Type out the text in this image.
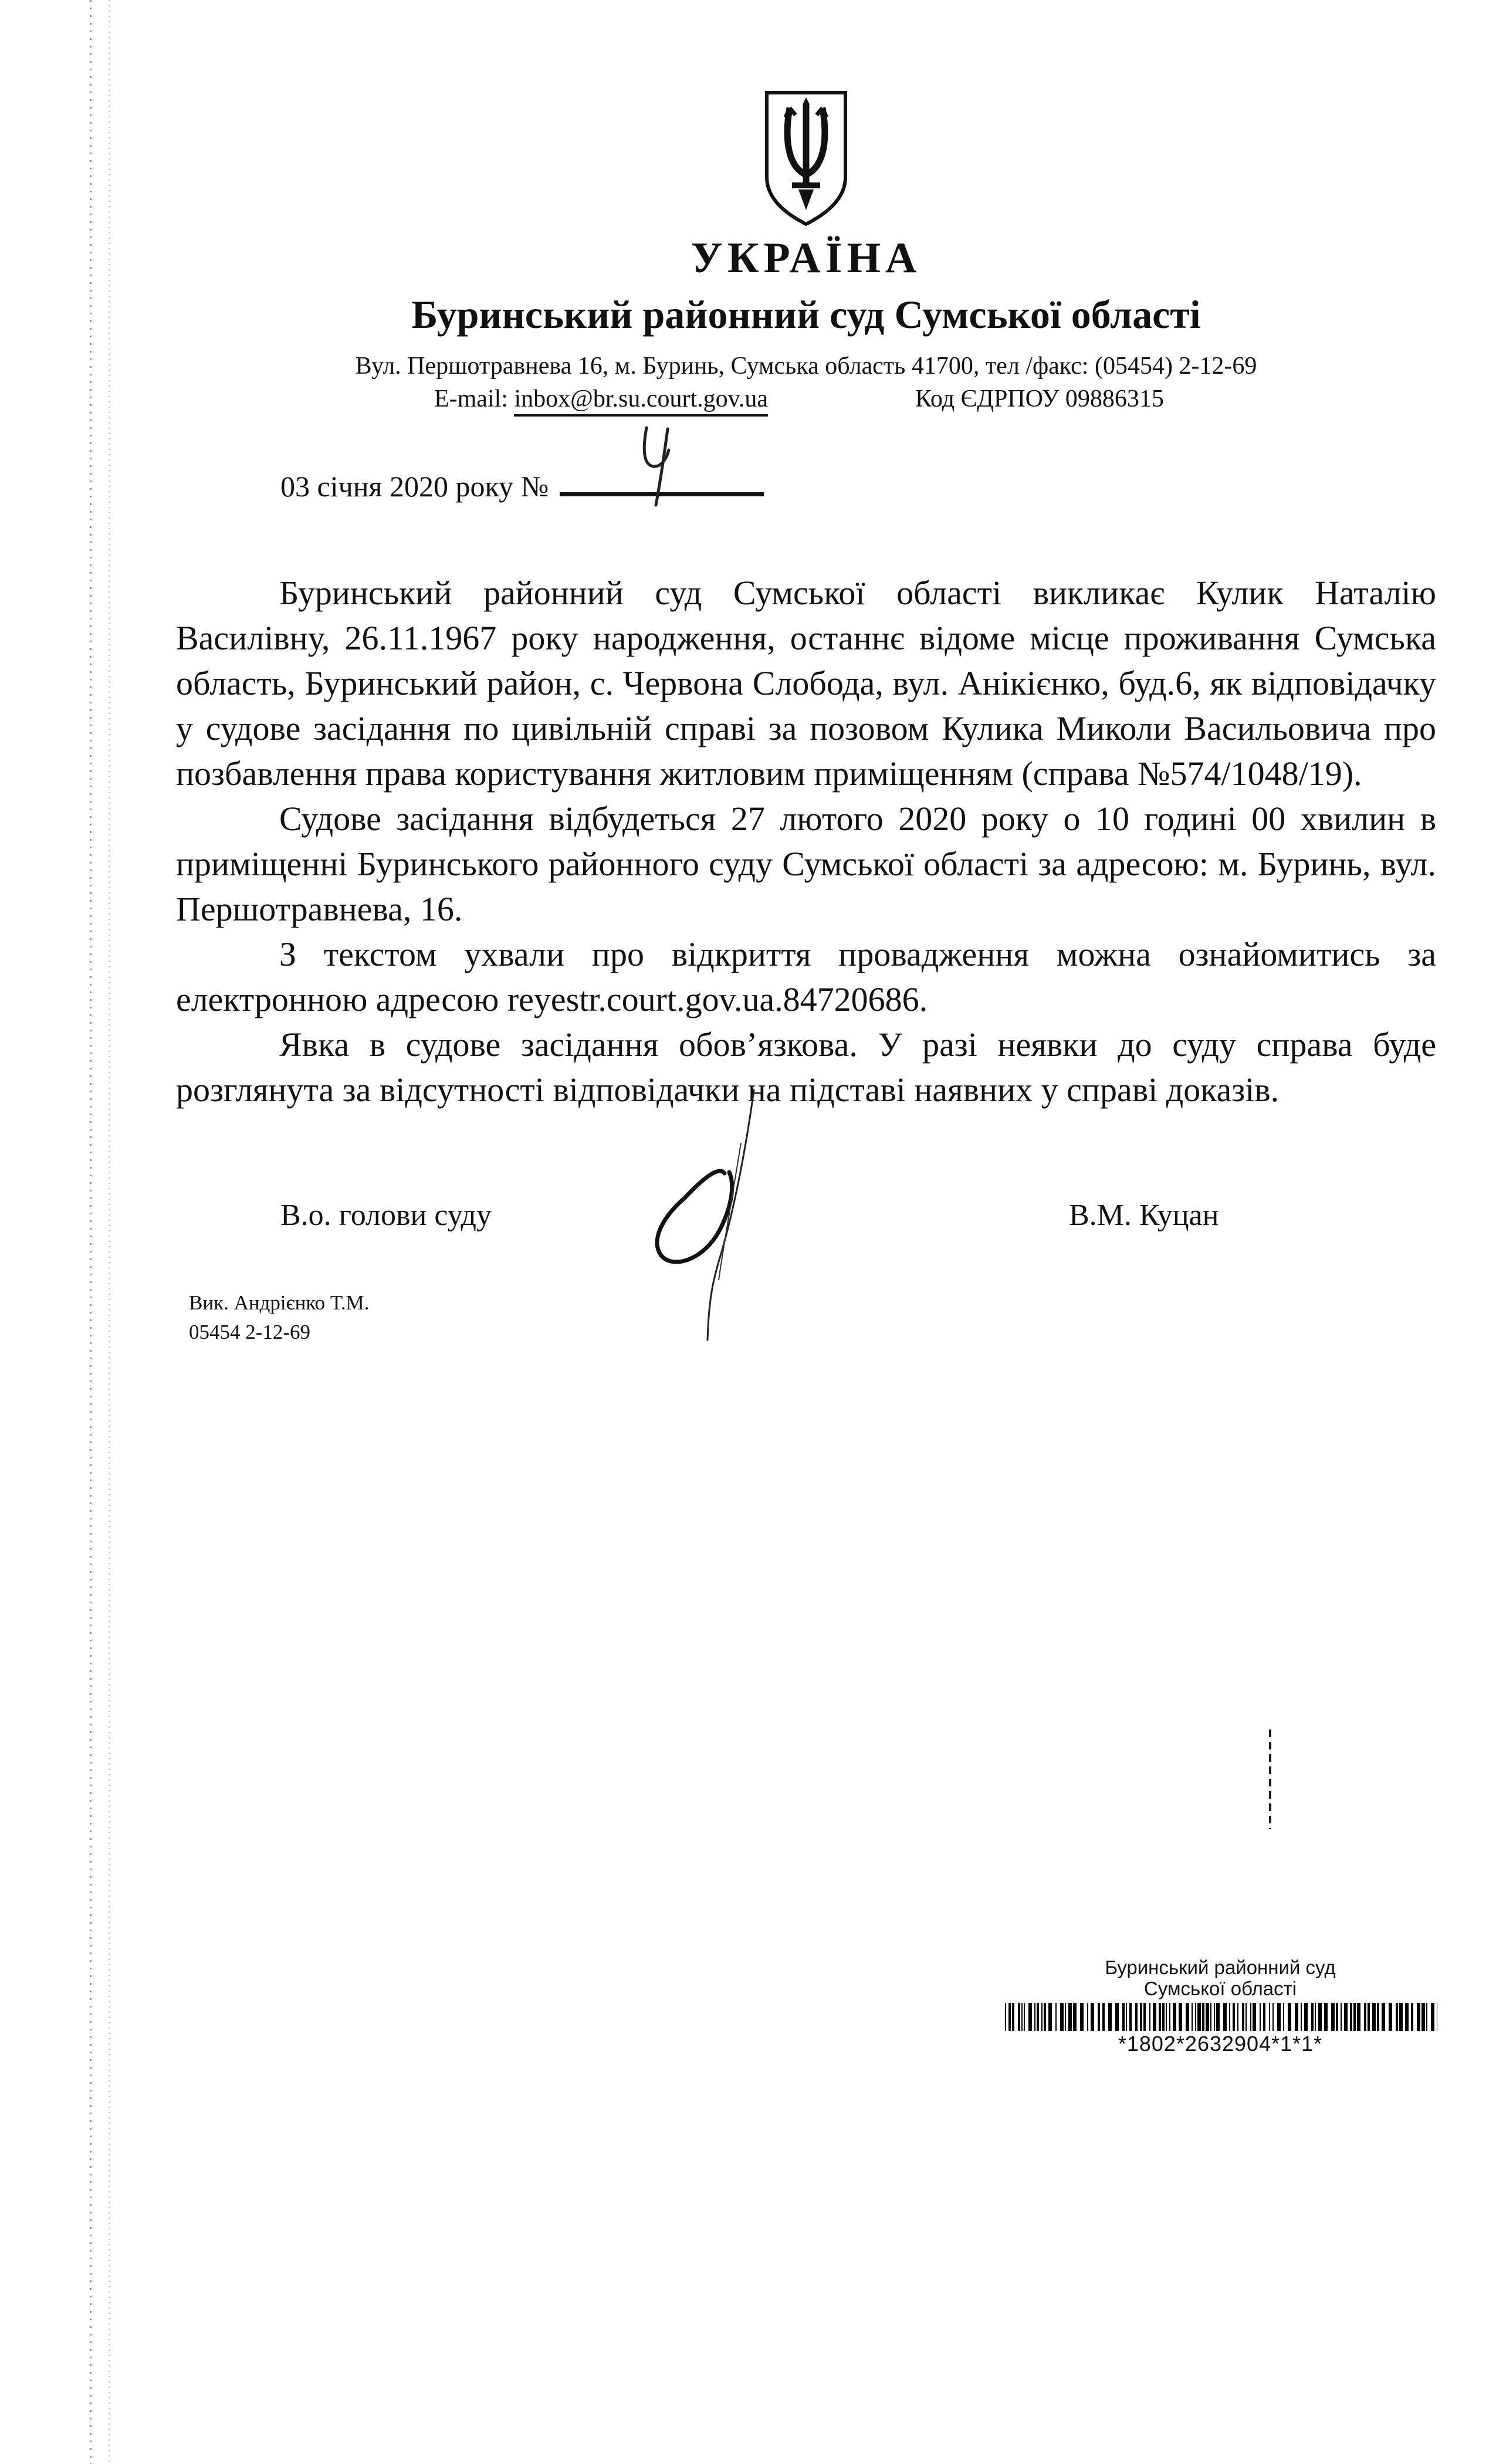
УКРАЇНА
Буринський районний суд Сумської області
Вул. Першотравнева 16, м. Буринь, Сумська область 41700, тел /факс: (05454) 2-12-69
E-mail: inbox@br.su.court.gov.ua	Код ЄДРПОУ 09886315
03 січня 2020 року №

Буринський районний суд Сумської області викликає Кулик Наталію Василівну, 26.11.1967 року народження, останнє відоме місце проживання Сумська область, Буринський район, с. Червона Слобода, вул. Анікієнко, буд.6, як відповідачку у судове засідання по цивільній справі за позовом Кулика Миколи Васильовича про позбавлення права користування житловим приміщенням (справа №574/1048/19).

Судове засідання відбудеться 27 лютого 2020 року о 10 годині 00 хвилин в приміщенні Буринського районного суду Сумської області за адресою: м. Буринь, вул. Першотравнева, 16.

З текстом ухвали про відкриття провадження можна ознайомитись за електронною адресою reyestr.court.gov.ua.84720686.

Явка в судове засідання обов’язкова. У разі неявки до суду справа буде розглянута за відсутності відповідачки на підставі наявних у справі доказів.

В.о. голови суду	В.М. Куцан
Вик. Андрієнко Т.М.
05454 2-12-69
Буринський районний суд
Сумської області
*1802*2632904*1*1*
